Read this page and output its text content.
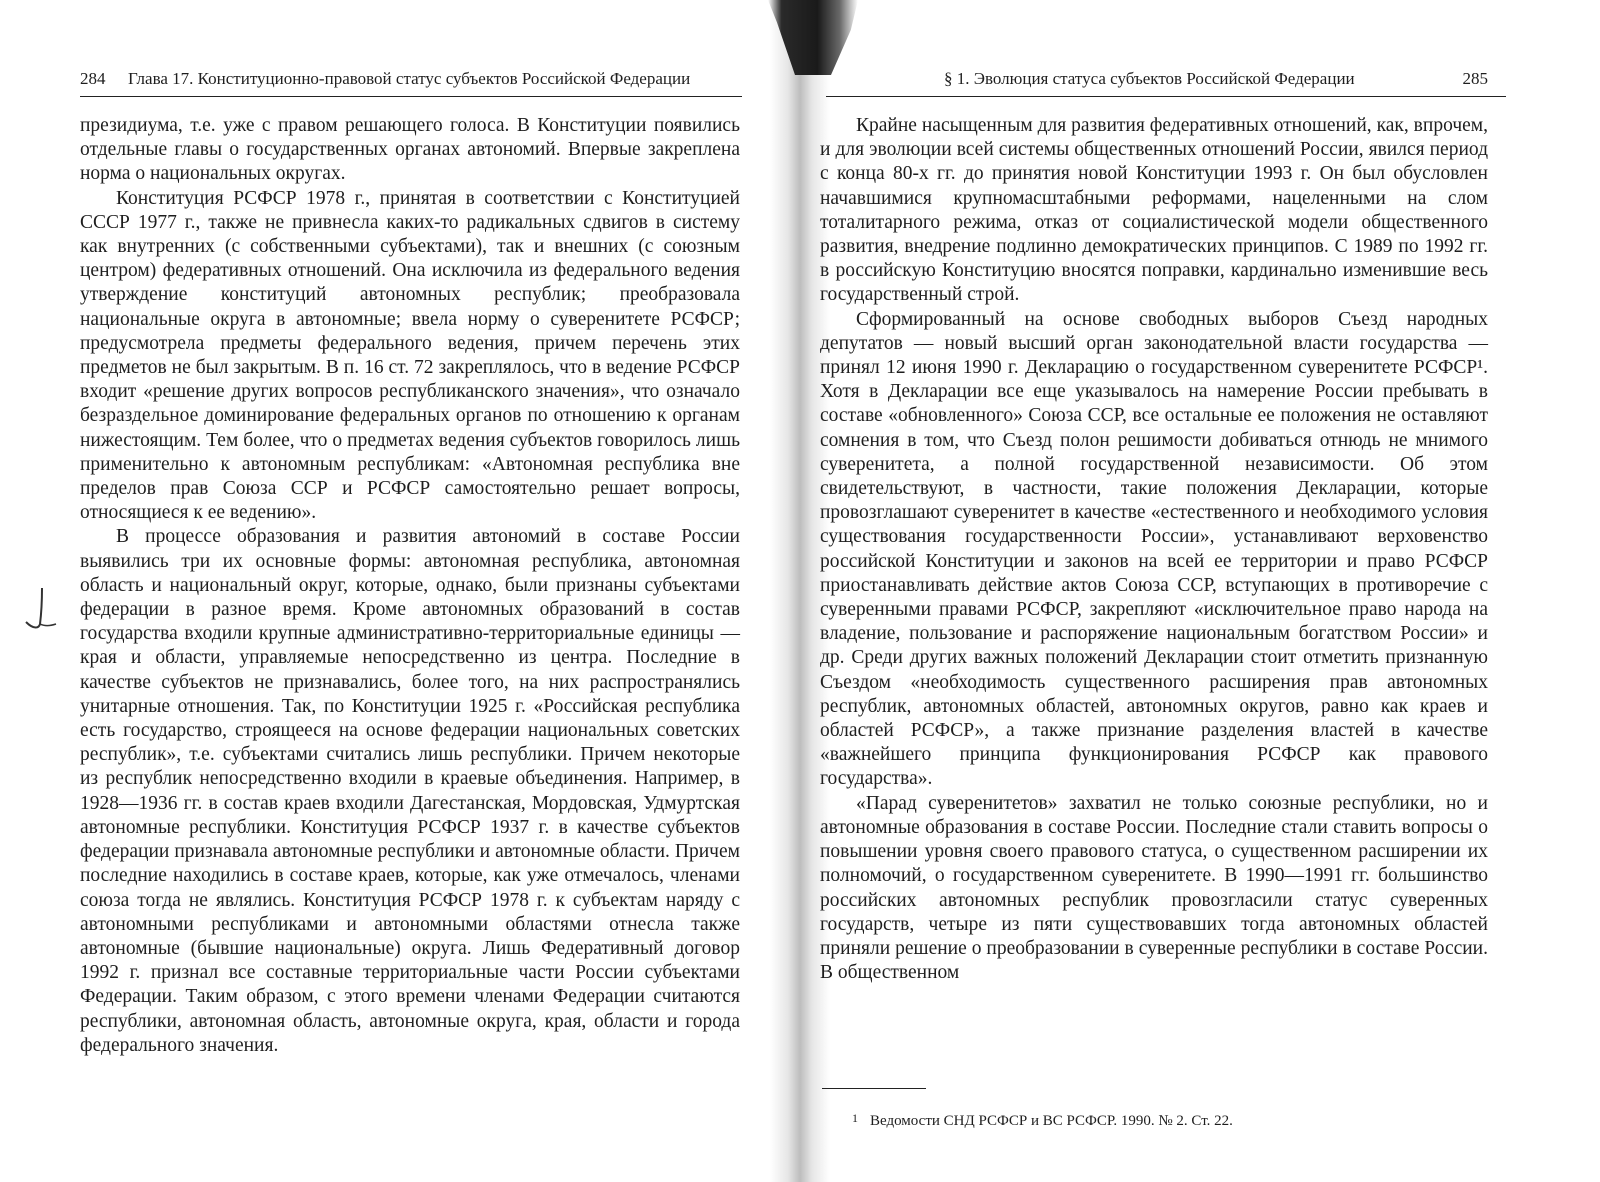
284 Глава 17. Конституционно-правовой статус субъектов Российской Федерации

президиума, т.е. уже с правом решающего голоса. В Конституции появились отдельные главы о государственных органах автономий. Впервые закреплена норма о национальных округах.

Конституция РСФСР 1978 г., принятая в соответствии с Конституцией СССР 1977 г., также не привнесла каких-то радикальных сдвигов в систему как внутренних (с собственными субъектами), так и внешних (с союзным центром) федеративных отношений. Она исключила из федерального ведения утверждение конституций автономных республик; преобразовала национальные округа в автономные; ввела норму о суверенитете РСФСР; предусмотрела предметы федерального ведения, причем перечень этих предметов не был закрытым. В п. 16 ст. 72 закреплялось, что в ведение РСФСР входит «решение других вопросов республиканского значения», что означало безраздельное доминирование федеральных органов по отношению к органам нижестоящим. Тем более, что о предметах ведения субъектов говорилось лишь применительно к автономным республикам: «Автономная республика вне пределов прав Союза ССР и РСФСР самостоятельно решает вопросы, относящиеся к ее ведению».

В процессе образования и развития автономий в составе России выявились три их основные формы: автономная республика, автономная область и национальный округ, которые, однако, были признаны субъектами федерации в разное время. Кроме автономных образований в состав государства входили крупные административно-территориальные единицы — края и области, управляемые непосредственно из центра. Последние в качестве субъектов не признавались, более того, на них распространялись унитарные отношения. Так, по Конституции 1925 г. «Российская республика есть государство, строящееся на основе федерации национальных советских республик», т.е. субъектами считались лишь республики. Причем некоторые из республик непосредственно входили в краевые объединения. Например, в 1928—1936 гг. в состав краев входили Дагестанская, Мордовская, Удмуртская автономные республики. Конституция РСФСР 1937 г. в качестве субъектов федерации признавала автономные республики и автономные области. Причем последние находились в составе краев, которые, как уже отмечалось, членами союза тогда не являлись. Конституция РСФСР 1978 г. к субъектам наряду с автономными республиками и автономными областями отнесла также автономные (бывшие национальные) округа. Лишь Федеративный договор 1992 г. признал все составные территориальные части России субъектами Федерации. Таким образом, с этого времени членами Федерации считаются республики, автономная область, автономные округа, края, области и города федерального значения.

§ 1. Эволюция статуса субъектов Российской Федерации	285

Крайне насыщенным для развития федеративных отношений, как, впрочем, и для эволюции всей системы общественных отношений России, явился период с конца 80-х гг. до принятия новой Конституции 1993 г. Он был обусловлен начавшимися крупномасштабными реформами, нацеленными на слом тоталитарного режима, отказ от социалистической модели общественного развития, внедрение подлинно демократических принципов. С 1989 по 1992 гг. в российскую Конституцию вносятся поправки, кардинально изменившие весь государственный строй.

Сформированный на основе свободных выборов Съезд народных депутатов — новый высший орган законодательной власти государства — принял 12 июня 1990 г. Декларацию о государственном суверенитете РСФСР¹. Хотя в Декларации все еще указывалось на намерение России пребывать в составе «обновленного» Союза ССР, все остальные ее положения не оставляют сомнения в том, что Съезд полон решимости добиваться отнюдь не мнимого суверенитета, а полной государственной независимости. Об этом свидетельствуют, в частности, такие положения Декларации, которые провозглашают суверенитет в качестве «естественного и необходимого условия существования государственности России», устанавливают верховенство российской Конституции и законов на всей ее территории и право РСФСР приостанавливать действие актов Союза ССР, вступающих в противоречие с суверенными правами РСФСР, закрепляют «исключительное право народа на владение, пользование и распоряжение национальным богатством России» и др. Среди других важных положений Декларации стоит отметить признанную Съездом «необходимость существенного расширения прав автономных республик, автономных областей, автономных округов, равно как краев и областей РСФСР», а также признание разделения властей в качестве «важнейшего принципа функционирования РСФСР как правового государства».

«Парад суверенитетов» захватил не только союзные республики, но и автономные образования в составе России. Последние стали ставить вопросы о повышении уровня своего правового статуса, о существенном расширении их полномочий, о государственном суверенитете. В 1990—1991 гг. большинство российских автономных республик провозгласили статус суверенных государств, четыре из пяти существовавших тогда автономных областей приняли решение о преобразовании в суверенные республики в составе России. В общественном

$^1$ Ведомости СНД РСФСР и ВС РСФСР. 1990. № 2. Ст. 22.
